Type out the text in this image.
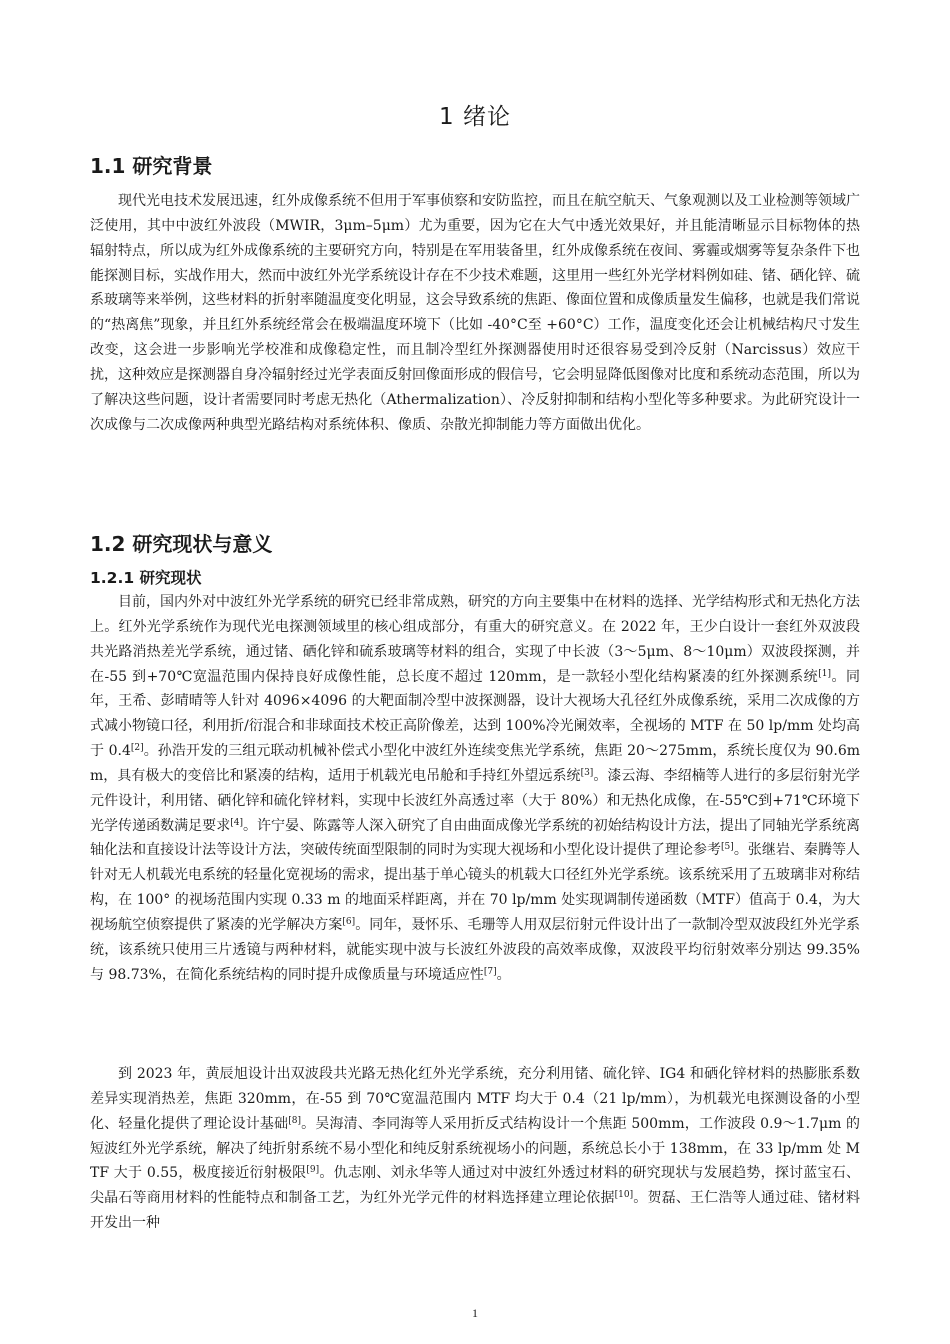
1 绪论
1.1 研究背景

现代光电技术发展迅速，红外成像系统不但用于军事侦察和安防监控，而且在航空航天、气象观测以及工业检测等领域广泛使用，其中中波红外波段（MWIR，3μm–5μm）尤为重要，因为它在大气中透光效果好，并且能清晰显示目标物体的热辐射特点，所以成为红外成像系统的主要研究方向，特别是在军用装备里，红外成像系统在夜间、雾霾或烟雾等复杂条件下也能探测目标，实战作用大，然而中波红外光学系统设计存在不少技术难题，这里用一些红外光学材料例如硅、锗、硒化锌、硫系玻璃等来举例，这些材料的折射率随温度变化明显，这会导致系统的焦距、像面位置和成像质量发生偏移，也就是我们常说的“热离焦”现象，并且红外系统经常会在极端温度环境下（比如 -40°C至 +60°C）工作，温度变化还会让机械结构尺寸发生改变，这会进一步影响光学校准和成像稳定性，而且制冷型红外探测器使用时还很容易受到冷反射（Narcissus）效应干扰，这种效应是探测器自身冷辐射经过光学表面反射回像面形成的假信号，它会明显降低图像对比度和系统动态范围，所以为了解决这些问题，设计者需要同时考虑无热化（Athermalization）、冷反射抑制和结构小型化等多种要求。为此研究设计一次成像与二次成像两种典型光路结构对系统体积、像质、杂散光抑制能力等方面做出优化。

1.2 研究现状与意义
1.2.1 研究现状

目前，国内外对中波红外光学系统的研究已经非常成熟，研究的方向主要集中在材料的选择、光学结构形式和无热化方法上。红外光学系统作为现代光电探测领域里的核心组成部分，有重大的研究意义。在 2022 年，王少白设计一套红外双波段共光路消热差光学系统，通过锗、硒化锌和硫系玻璃等材料的组合，实现了中长波（3～5μm、8～10μm）双波段探测，并在-55 到+70℃宽温范围内保持良好成像性能，总长度不超过 120mm，是一款轻小型化结构紧凑的红外探测系统[1]。同年，王希、彭晴晴等人针对 4096×4096 的大靶面制冷型中波探测器，设计大视场大孔径红外成像系统，采用二次成像的方式减小物镜口径，利用折/衍混合和非球面技术校正高阶像差，达到 100%冷光阑效率，全视场的 MTF 在 50 lp/mm 处均高于 0.4[2]。孙浩开发的三组元联动机械补偿式小型化中波红外连续变焦光学系统，焦距 20～275mm，系统长度仅为 90.6mm，具有极大的变倍比和紧凑的结构，适用于机载光电吊舱和手持红外望远系统[3]。漆云海、李绍楠等人进行的多层衍射光学元件设计，利用锗、硒化锌和硫化锌材料，实现中长波红外高透过率（大于 80%）和无热化成像，在-55℃到+71℃环境下光学传递函数满足要求[4]。许宁晏、陈露等人深入研究了自由曲面成像光学系统的初始结构设计方法，提出了同轴光学系统离轴化法和直接设计法等设计方法，突破传统面型限制的同时为实现大视场和小型化设计提供了理论参考[5]。张继岩、秦腾等人针对无人机载光电系统的轻量化宽视场的需求，提出基于单心镜头的机载大口径红外光学系统。该系统采用了五玻璃非对称结构，在 100° 的视场范围内实现 0.33 m 的地面采样距离，并在 70 lp/mm 处实现调制传递函数（MTF）值高于 0.4，为大视场航空侦察提供了紧凑的光学解决方案[6]。同年，聂怀乐、毛珊等人用双层衍射元件设计出了一款制冷型双波段红外光学系统，该系统只使用三片透镜与两种材料，就能实现中波与长波红外波段的高效率成像，双波段平均衍射效率分别达 99.35%与 98.73%，在简化系统结构的同时提升成像质量与环境适应性[7]。

到 2023 年，黄辰旭设计出双波段共光路无热化红外光学系统，充分利用锗、硫化锌、IG4 和硒化锌材料的热膨胀系数差异实现消热差，焦距 320mm，在-55 到 70℃宽温范围内 MTF 均大于 0.4（21 lp/mm），为机载光电探测设备的小型化、轻量化提供了理论设计基础[8]。吴海清、李同海等人采用折反式结构设计一个焦距 500mm，工作波段 0.9～1.7μm 的短波红外光学系统，解决了纯折射系统不易小型化和纯反射系统视场小的问题，系统总长小于 138mm，在 33 lp/mm 处 MTF 大于 0.55，极度接近衍射极限[9]。仇志刚、刘永华等人通过对中波红外透过材料的研究现状与发展趋势，探讨蓝宝石、尖晶石等商用材料的性能特点和制备工艺，为红外光学元件的材料选择建立理论依据[10]。贺磊、王仁浩等人通过硅、锗材料开发出一种

1
